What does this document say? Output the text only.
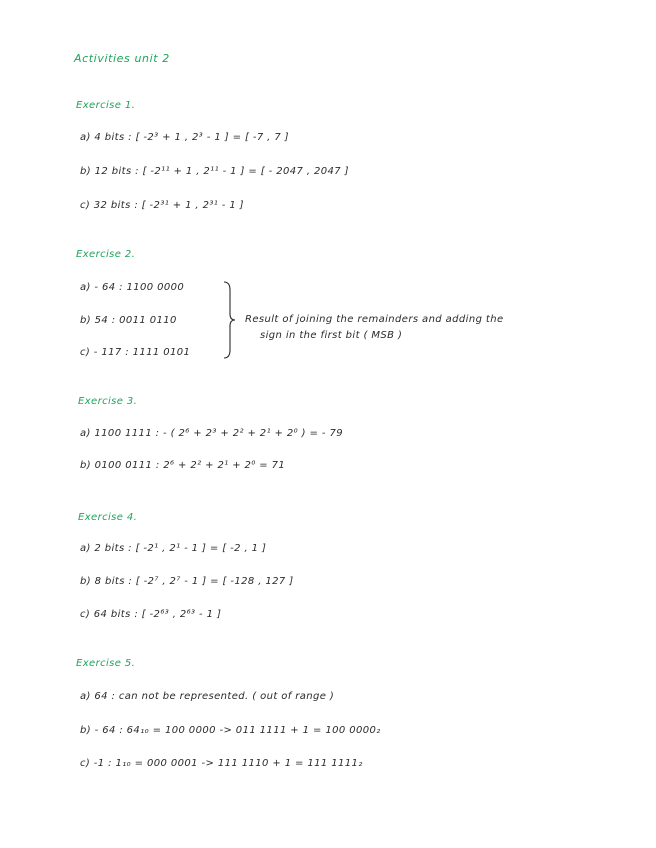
Activities unit 2
Exercise 1.
a) 4 bits : [ -2³ + 1 , 2³ - 1 ] = [ -7 , 7 ]
b) 12 bits : [ -2¹¹ + 1 , 2¹¹ - 1 ] = [ - 2047 , 2047 ]
c) 32 bits : [ -2³¹ + 1 , 2³¹ - 1 ]
Exercise 2.
a) - 64 : 1100 0000
b) 54 : 0011 0110
c) - 117 : 1111 0101
Result of joining the remainders and adding the
sign in the first bit ( MSB )
Exercise 3.
a) 1100 1111 : - ( 2⁶ + 2³ + 2² + 2¹ + 2⁰ ) = - 79
b) 0100 0111 : 2⁶ + 2² + 2¹ + 2⁰ = 71
Exercise 4.
a) 2 bits : [ -2¹ , 2¹ - 1 ] = [ -2 , 1 ]
b) 8 bits : [ -2⁷ , 2⁷ - 1 ] = [ -128 , 127 ]
c) 64 bits : [ -2⁶³ , 2⁶³ - 1 ]
Exercise 5.
a) 64 : can not be represented. ( out of range )
b) - 64 : 64₁₀ = 100 0000 -> 011 1111 + 1 = 100 0000₂
c) -1 : 1₁₀ = 000 0001 -> 111 1110 + 1 = 111 1111₂
